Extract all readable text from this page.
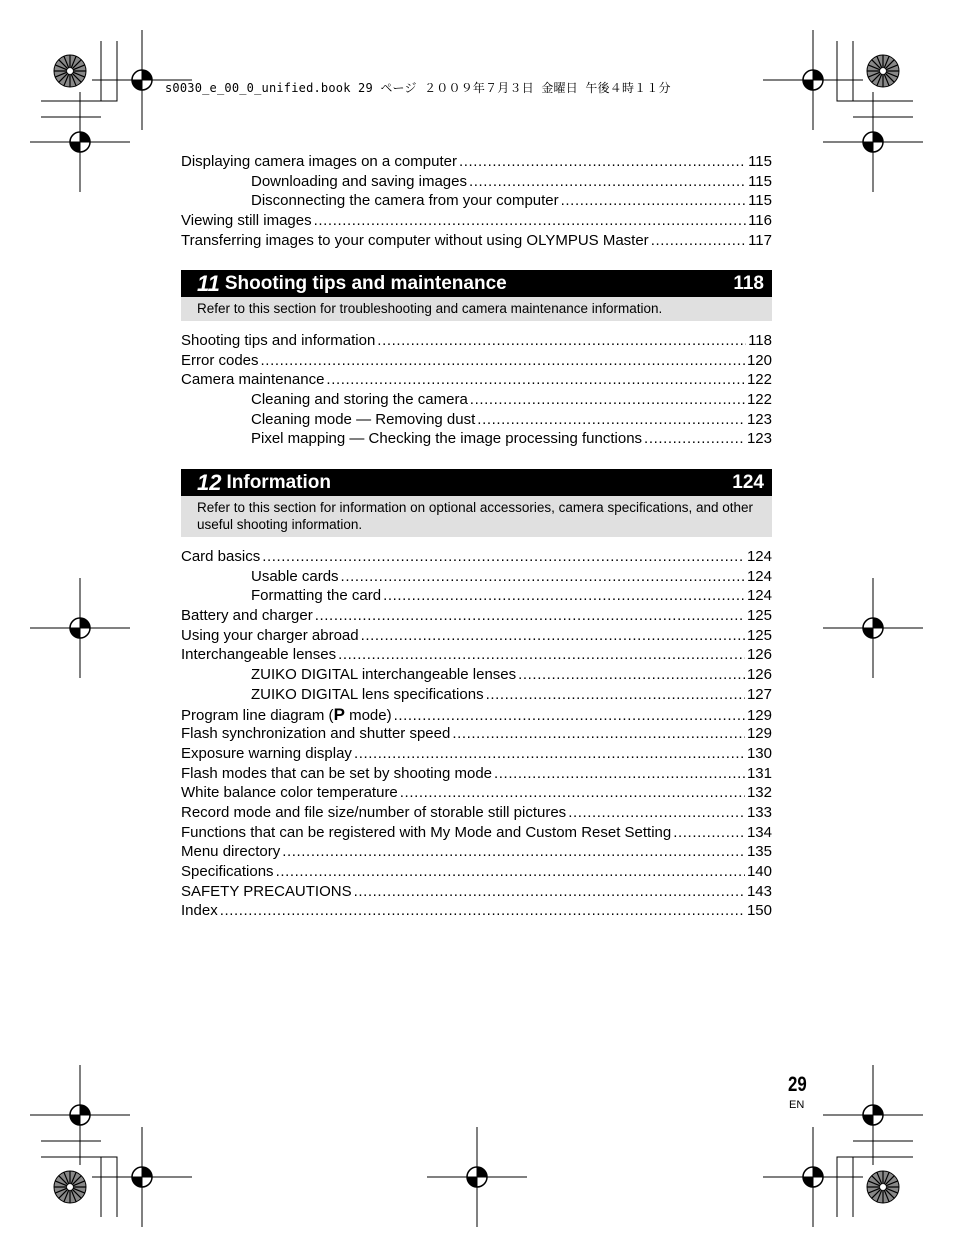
s0030_e_00_0_unified.book 29 ページ ２００９年７月３日 金曜日 午後４時１１分
Displaying camera images on a computer .....	115
Downloading and saving images .....	115
Disconnecting the camera from your computer .....	115
Viewing still images .....	116
Transferring images to your computer without using OLYMPUS Master .....	117
11 Shooting tips and maintenance	118
Refer to this section for troubleshooting and camera maintenance information.
Shooting tips and information .....	118
Error codes .....	120
Camera maintenance .....	122
Cleaning and storing the camera .....	122
Cleaning mode — Removing dust .....	123
Pixel mapping — Checking the image processing functions .....	123
12 Information	124
Refer to this section for information on optional accessories, camera specifications, and other useful shooting information.
Card basics .....	124
Usable cards .....	124
Formatting the card .....	124
Battery and charger .....	125
Using your charger abroad .....	125
Interchangeable lenses .....	126
ZUIKO DIGITAL interchangeable lenses .....	126
ZUIKO DIGITAL lens specifications .....	127
Program line diagram (P mode) .....	129
Flash synchronization and shutter speed .....	129
Exposure warning display .....	130
Flash modes that can be set by shooting mode .....	131
White balance color temperature .....	132
Record mode and file size/number of storable still pictures .....	133
Functions that can be registered with My Mode and Custom Reset Setting .....	134
Menu directory .....	135
Specifications .....	140
SAFETY PRECAUTIONS .....	143
Index .....	150
29
EN
